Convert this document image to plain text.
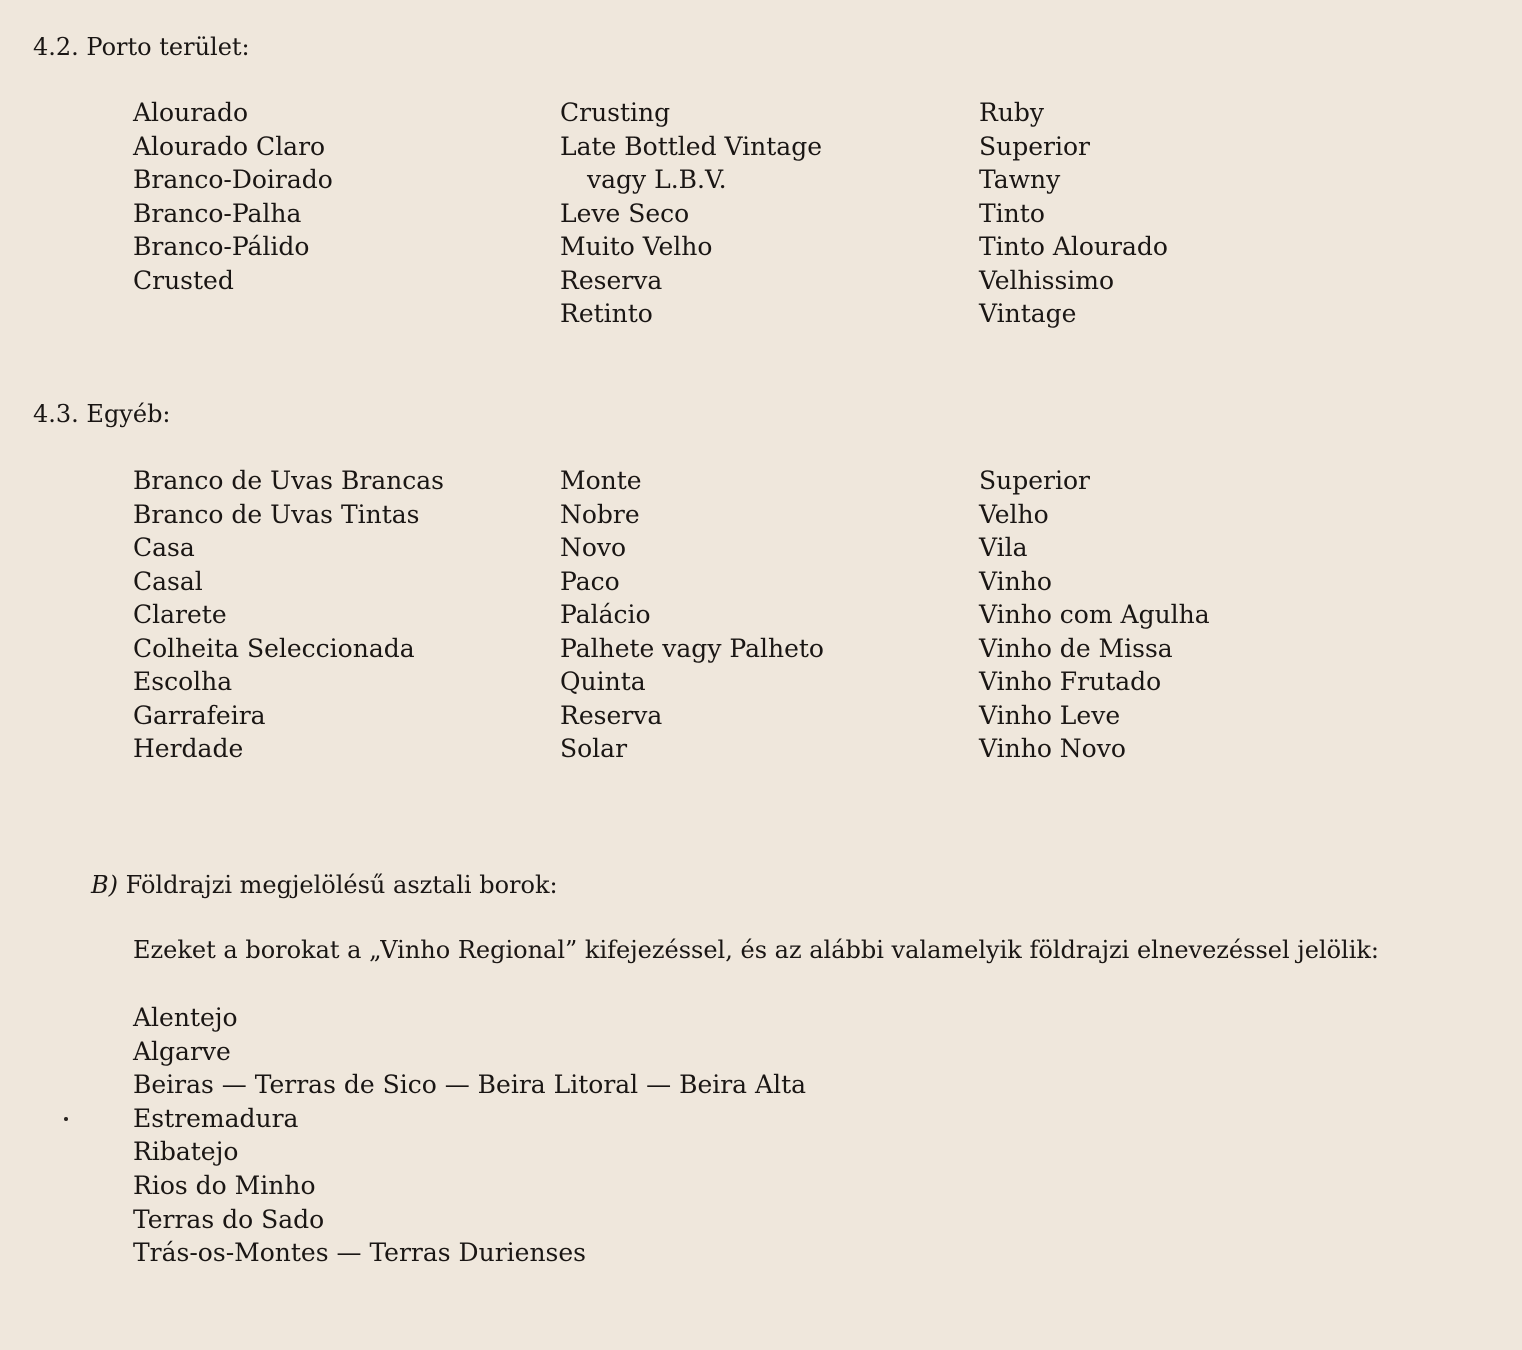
4.2. Porto terület:
Alourado
Alourado Claro
Branco-Doirado
Branco-Palha
Branco-Pálido
Crusted
Crusting
Late Bottled Vintage
vagy L.B.V.
Leve Seco
Muito Velho
Reserva
Retinto
Ruby
Superior
Tawny
Tinto
Tinto Alourado
Velhissimo
Vintage
4.3. Egyéb:
Branco de Uvas Brancas
Branco de Uvas Tintas
Casa
Casal
Clarete
Colheita Seleccionada
Escolha
Garrafeira
Herdade
Monte
Nobre
Novo
Paco
Palácio
Palhete vagy Palheto
Quinta
Reserva
Solar
Superior
Velho
Vila
Vinho
Vinho com Agulha
Vinho de Missa
Vinho Frutado
Vinho Leve
Vinho Novo
B) Földrajzi megjelölésű asztali borok:
Ezeket a borokat a „Vinho Regional” kifejezéssel, és az alábbi valamelyik földrajzi elnevezéssel jelölik:
Alentejo
Algarve
Beiras — Terras de Sico — Beira Litoral — Beira Alta
Estremadura
Ribatejo
Rios do Minho
Terras do Sado
Trás-os-Montes — Terras Durienses
